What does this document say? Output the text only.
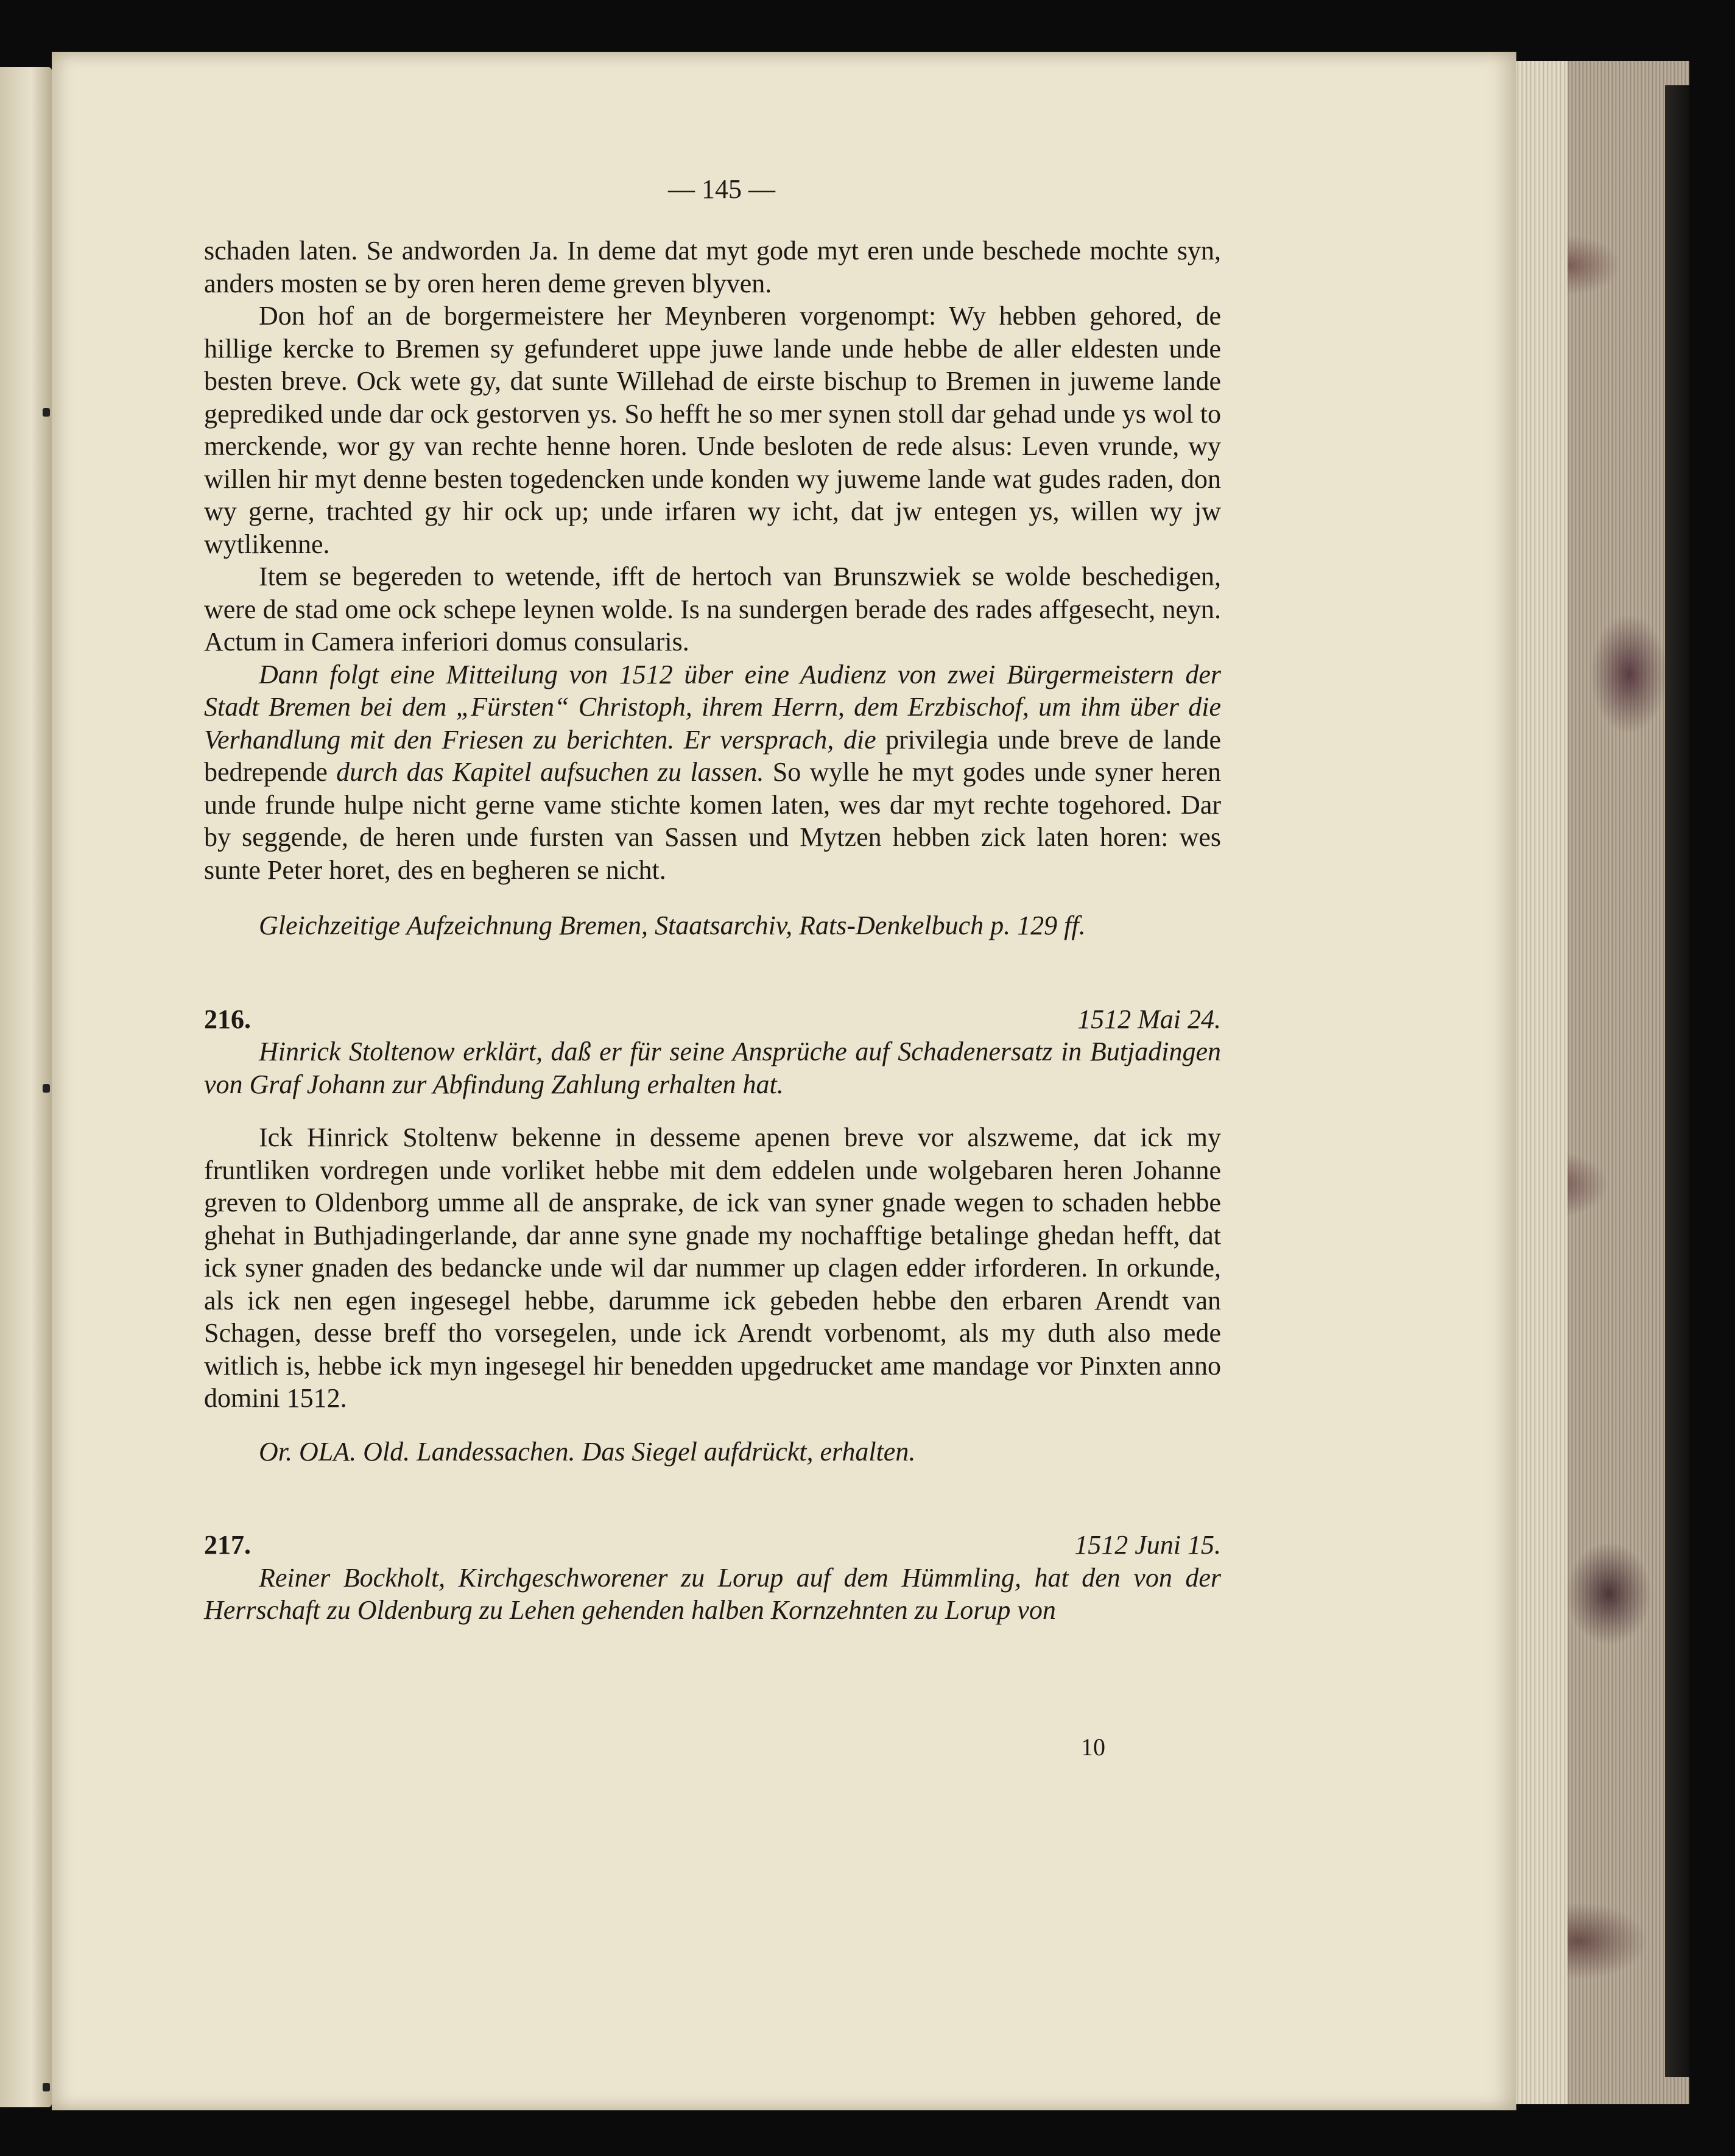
— 145 —

schaden laten. Se andworden Ja. In deme dat myt gode myt eren unde beschede mochte syn, anders mosten se by oren heren deme greven blyven.

Don hof an de borgermeistere her Meynberen vorgenompt: Wy hebben gehored, de hillige kercke to Bremen sy gefunderet uppe juwe lande unde hebbe de aller eldesten unde besten breve. Ock wete gy, dat sunte Willehad de eirste bischup to Bremen in juweme lande geprediked unde dar ock gestorven ys. So hefft he so mer synen stoll dar gehad unde ys wol to merckende, wor gy van rechte henne horen. Unde besloten de rede alsus: Leven vrunde, wy willen hir myt denne besten togedencken unde konden wy juweme lande wat gudes raden, don wy gerne, trachted gy hir ock up; unde irfaren wy icht, dat jw entegen ys, willen wy jw wytlikenne.

Item se begereden to wetende, ifft de hertoch van Brunszwiek se wolde beschedigen, were de stad ome ock schepe leynen wolde. Is na sundergen berade des rades affgesecht, neyn. Actum in Camera inferiori domus consularis.

Dann folgt eine Mitteilung von 1512 über eine Audienz von zwei Bürgermeistern der Stadt Bremen bei dem „Fürsten“ Christoph, ihrem Herrn, dem Erzbischof, um ihm über die Verhandlung mit den Friesen zu berichten. Er versprach, die privilegia unde breve de lande bedrepende durch das Kapitel aufsuchen zu lassen. So wylle he myt godes unde syner heren unde frunde hulpe nicht gerne vame stichte komen laten, wes dar myt rechte togehored. Dar by seggende, de heren unde fursten van Sassen und Mytzen hebben zick laten horen: wes sunte Peter horet, des en begheren se nicht.

Gleichzeitige Aufzeichnung Bremen, Staatsarchiv, Rats-Denkelbuch p. 129 ff.

216.	1512 Mai 24.

Hinrick Stoltenow erklärt, daß er für seine Ansprüche auf Schadenersatz in Butjadingen von Graf Johann zur Abfindung Zahlung erhalten hat.

Ick Hinrick Stoltenw bekenne in desseme apenen breve vor alszweme, dat ick my fruntliken vordregen unde vorliket hebbe mit dem eddelen unde wolgebaren heren Johanne greven to Oldenborg umme all de ansprake, de ick van syner gnade wegen to schaden hebbe ghehat in Buthjadingerlande, dar anne syne gnade my nochafftige betalinge ghedan hefft, dat ick syner gnaden des bedancke unde wil dar nummer up clagen edder irforderen. In orkunde, als ick nen egen ingesegel hebbe, darumme ick gebeden hebbe den erbaren Arendt van Schagen, desse breff tho vorsegelen, unde ick Arendt vorbenomt, als my duth also mede witlich is, hebbe ick myn ingesegel hir benedden upgedrucket ame mandage vor Pinxten anno domini 1512.

Or. OLA. Old. Landessachen. Das Siegel aufdrückt, erhalten.

217.	1512 Juni 15.

Reiner Bockholt, Kirchgeschworener zu Lorup auf dem Hümmling, hat den von der Herrschaft zu Oldenburg zu Lehen gehenden halben Kornzehnten zu Lorup von

10
